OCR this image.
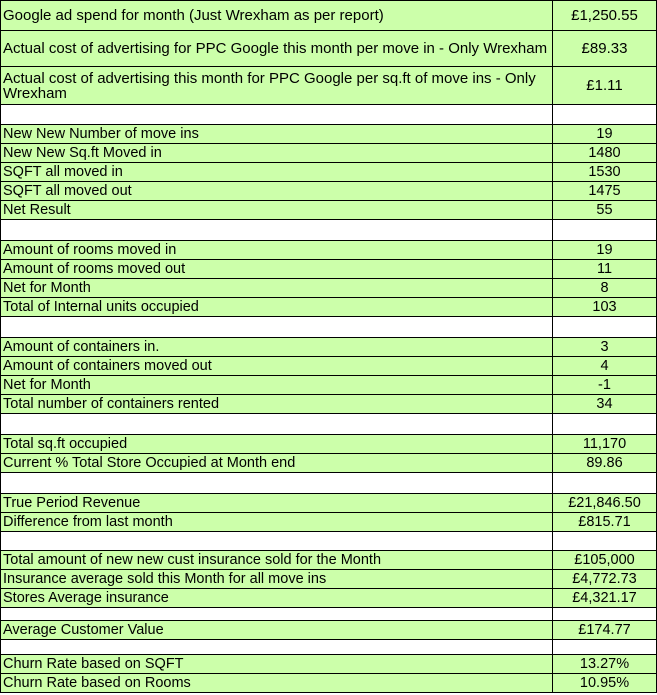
Google ad spend for month (Just Wrexham as per report)	£1,250.55
Actual cost of advertising for PPC Google this month per move in - Only Wrexham	£89.33
Actual cost of advertising this month for PPC Google per sq.ft of move ins - Only Wrexham	£1.11

New New Number of move ins	19
New New Sq.ft Moved in	1480
SQFT all moved in	1530
SQFT all moved out	1475
Net Result	55

Amount of rooms moved in	19
Amount of rooms moved out	11
Net for Month	8
Total of Internal units occupied	103

Amount of containers in.	3
Amount of containers moved out	4
Net for Month	-1
Total number of containers rented	34

Total sq.ft occupied	11,170
Current % Total Store Occupied at Month end	89.86

True Period Revenue	£21,846.50
Difference from last month	£815.71

Total amount of new new cust insurance sold for the Month	£105,000
Insurance average sold this Month for all move ins	£4,772.73
Stores Average insurance	£4,321.17

Average Customer Value	£174.77

Churn Rate based on SQFT	13.27%
Churn Rate based on Rooms	10.95%
